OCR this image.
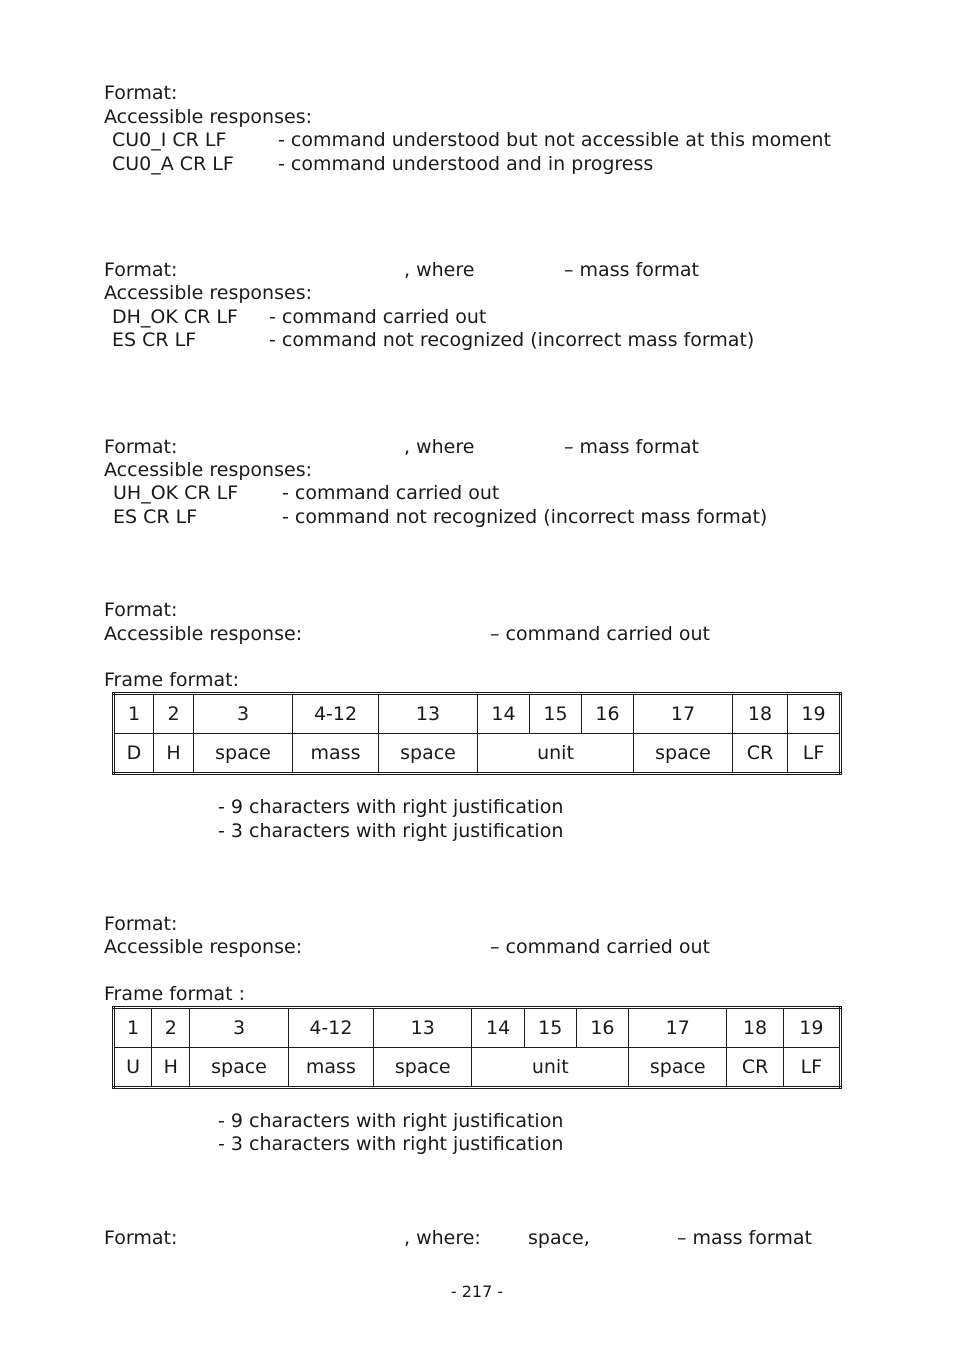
Format:
Accessible responses:
CU0_I CR LF	- command understood but not accessible at this moment
CU0_A CR LF - command understood and in progress
Format:	, where	– mass format
Accessible responses:
DH_OK CR LF - command carried out
ES CR LF	- command not recognized (incorrect mass format)
Format:	, where	– mass format
Accessible responses:
UH_OK CR LF - command carried out
ES CR LF	- command not recognized (incorrect mass format)
Format:
Accessible response:	– command carried out
Frame format:
1	2	3	4-12	13	14	15	16	17	18	19
D	H	space	mass	space	unit			space	CR	LF
- 9 characters with right justification
- 3 characters with right justification
Format:
Accessible response:	– command carried out
Frame format :
1	2	3	4-12	13	14	15	16	17	18	19
U	H	space	mass	space	unit			space	CR	LF
- 9 characters with right justification
- 3 characters with right justification
Format:	, where: space,	– mass format
- 217 -
